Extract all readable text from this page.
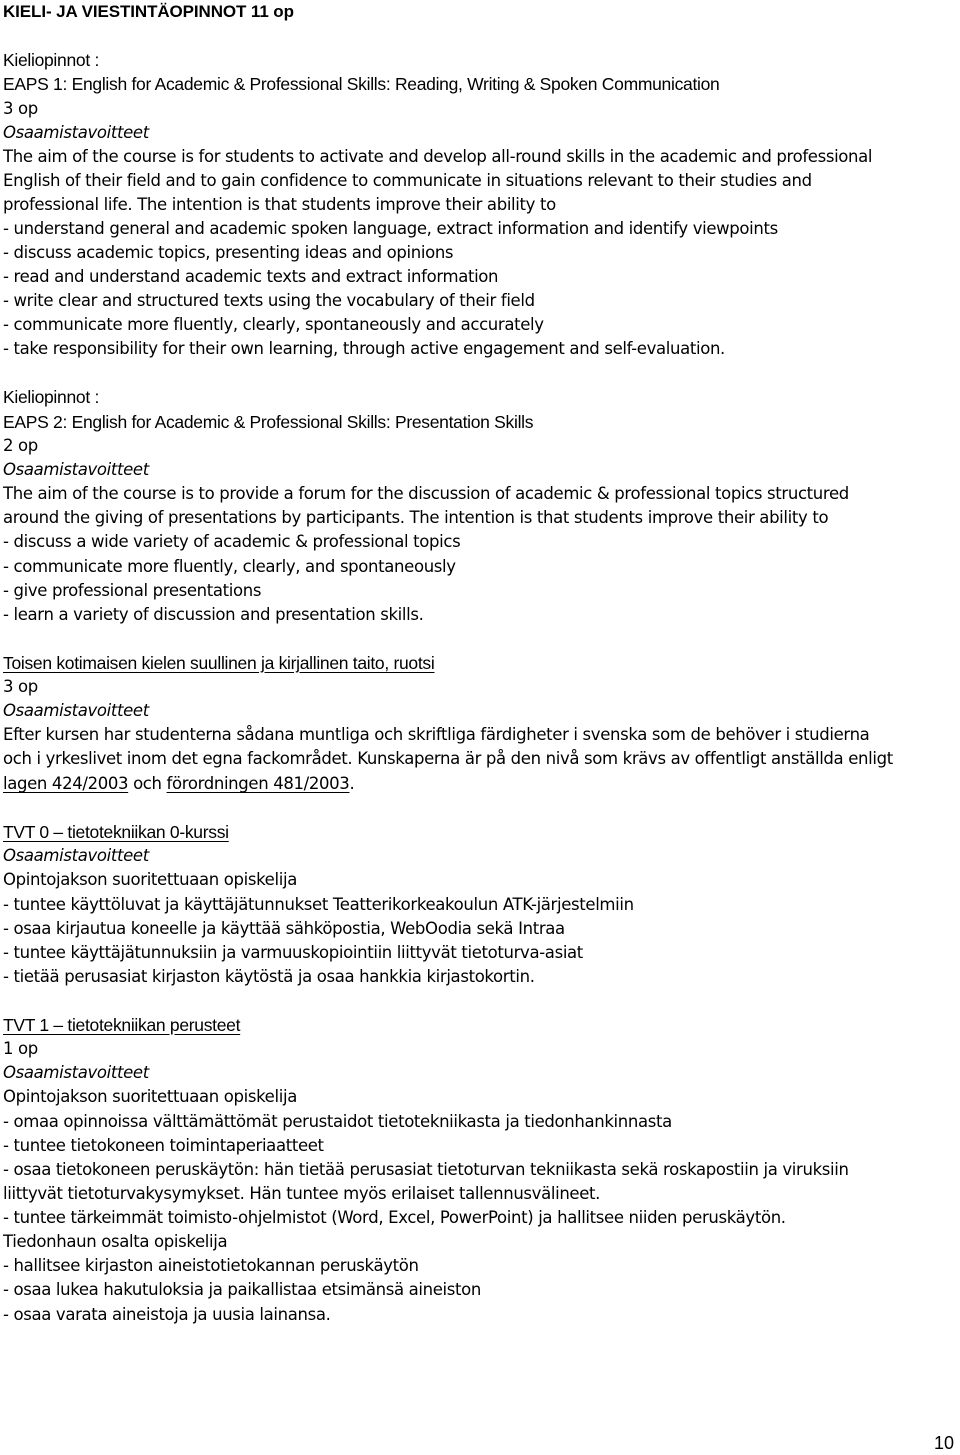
KIELI- JA VIESTINTÄOPINNOT 11 op
Kieliopinnot :
EAPS 1: English for Academic & Professional Skills: Reading, Writing & Spoken Communication
3 op
Osaamistavoitteet
The aim of the course is for students to activate and develop all-round skills in the academic and professional
English of their field and to gain confidence to communicate in situations relevant to their studies and
professional life. The intention is that students improve their ability to
- understand general and academic spoken language, extract information and identify viewpoints
- discuss academic topics, presenting ideas and opinions
- read and understand academic texts and extract information
- write clear and structured texts using the vocabulary of their field
- communicate more fluently, clearly, spontaneously and accurately
- take responsibility for their own learning, through active engagement and self-evaluation.
Kieliopinnot :
EAPS 2: English for Academic & Professional Skills: Presentation Skills
2 op
Osaamistavoitteet
The aim of the course is to provide a forum for the discussion of academic & professional topics structured
around the giving of presentations by participants. The intention is that students improve their ability to
- discuss a wide variety of academic & professional topics
- communicate more fluently, clearly, and spontaneously
- give professional presentations
- learn a variety of discussion and presentation skills.
Toisen kotimaisen kielen suullinen ja kirjallinen taito, ruotsi
3 op
Osaamistavoitteet
Efter kursen har studenterna sådana muntliga och skriftliga färdigheter i svenska som de behöver i studierna
och i yrkeslivet inom det egna fackområdet. Kunskaperna är på den nivå som krävs av offentligt anställda enligt
lagen 424/2003 och förordningen 481/2003.
TVT 0 – tietotekniikan 0-kurssi
Osaamistavoitteet
Opintojakson suoritettuaan opiskelija
- tuntee käyttöluvat ja käyttäjätunnukset Teatterikorkeakoulun ATK-järjestelmiin
- osaa kirjautua koneelle ja käyttää sähköpostia, WebOodia sekä Intraa
- tuntee käyttäjätunnuksiin ja varmuuskopiointiin liittyvät tietoturva-asiat
- tietää perusasiat kirjaston käytöstä ja osaa hankkia kirjastokortin.
TVT 1 – tietotekniikan perusteet
1 op
Osaamistavoitteet
Opintojakson suoritettuaan opiskelija
- omaa opinnoissa välttämättömät perustaidot tietotekniikasta ja tiedonhankinnasta
- tuntee tietokoneen toimintaperiaatteet
- osaa tietokoneen peruskäytön: hän tietää perusasiat tietoturvan tekniikasta sekä roskapostiin ja viruksiin
liittyvät tietoturvakysymykset. Hän tuntee myös erilaiset tallennusvälineet.
- tuntee tärkeimmät toimisto-ohjelmistot (Word, Excel, PowerPoint) ja hallitsee niiden peruskäytön.
Tiedonhaun osalta opiskelija
- hallitsee kirjaston aineistotietokannan peruskäytön
- osaa lukea hakutuloksia ja paikallistaa etsimänsä aineiston
- osaa varata aineistoja ja uusia lainansa.
10
